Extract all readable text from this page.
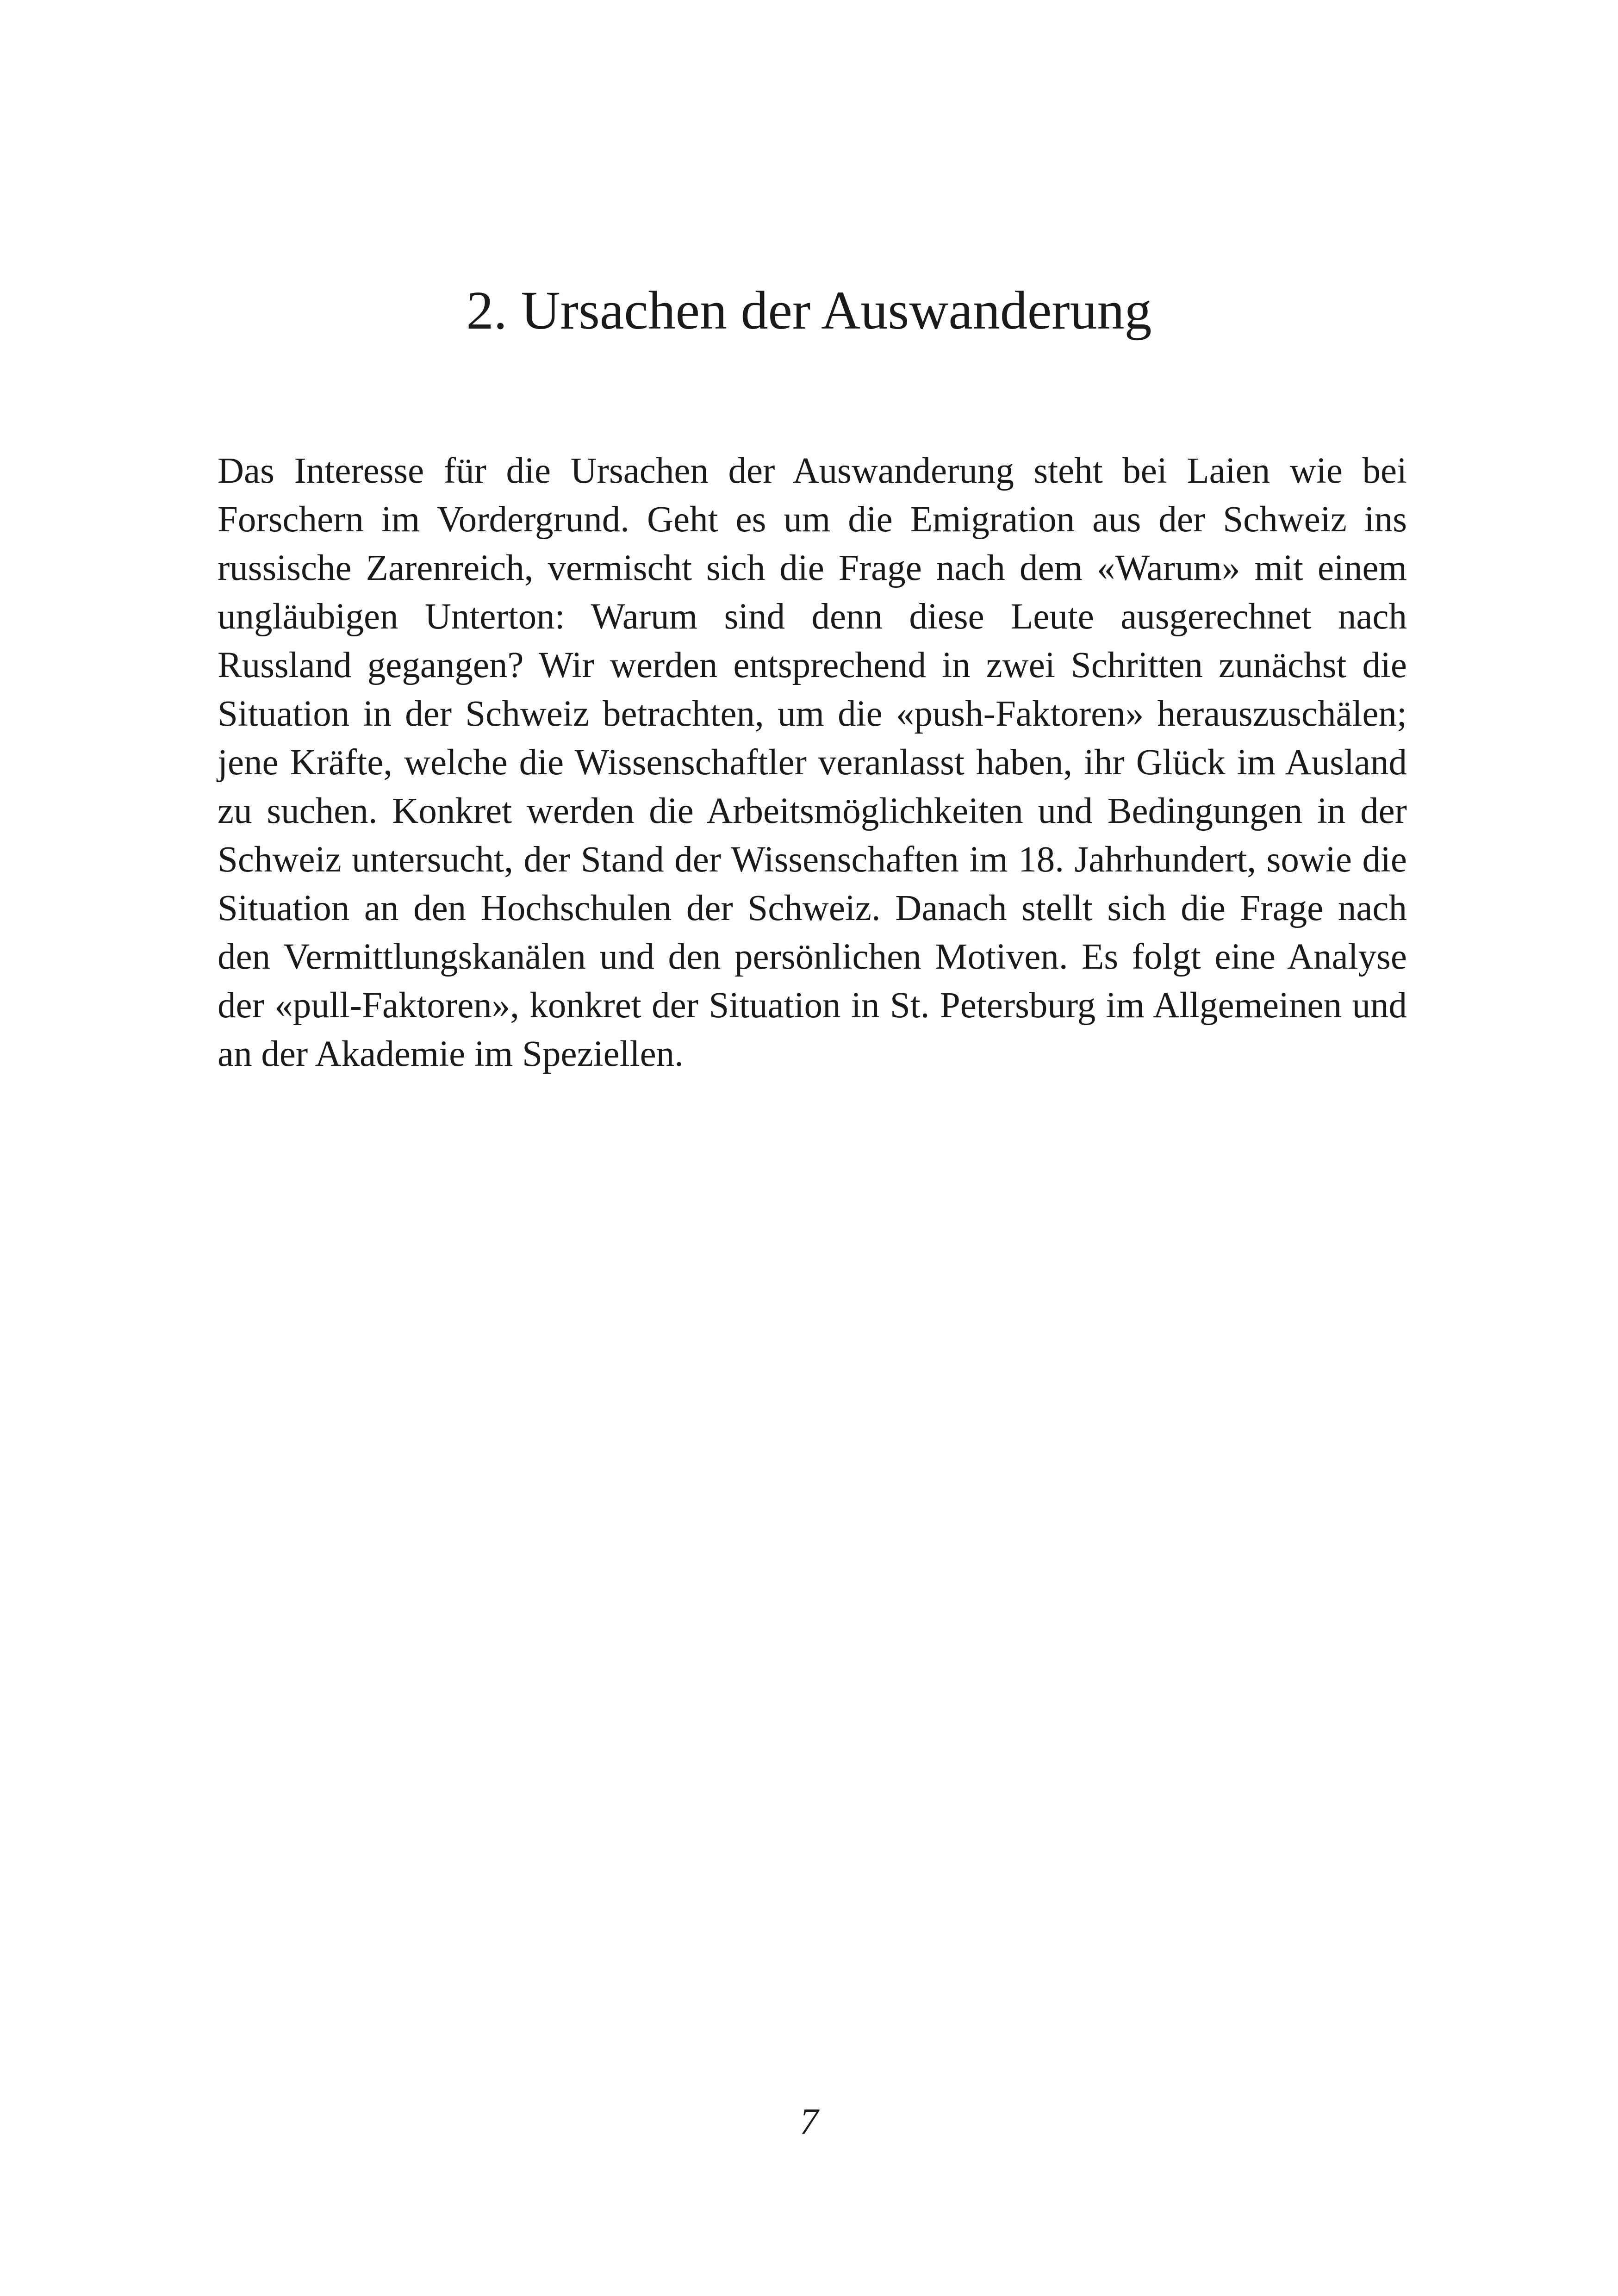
2. Ursachen der Auswanderung

Das Interesse für die Ursachen der Auswanderung steht bei Laien wie bei Forschern im Vordergrund. Geht es um die Emigration aus der Schweiz ins russische Zarenreich, vermischt sich die Frage nach dem «Warum» mit einem ungläubigen Unterton: Warum sind denn diese Leute ausgerechnet nach Russland gegangen? Wir werden entsprechend in zwei Schritten zunächst die Situation in der Schweiz betrachten, um die «push-Faktoren» herauszuschälen; jene Kräfte, welche die Wissenschaftler veranlasst haben, ihr Glück im Ausland zu suchen. Konkret werden die Arbeitsmöglichkeiten und Bedingungen in der Schweiz untersucht, der Stand der Wissenschaften im 18. Jahrhundert, sowie die Situation an den Hochschulen der Schweiz. Danach stellt sich die Frage nach den Vermittlungskanälen und den persönlichen Motiven. Es folgt eine Analyse der «pull-Faktoren», konkret der Situation in St. Petersburg im Allgemeinen und an der Akademie im Speziellen.

7
